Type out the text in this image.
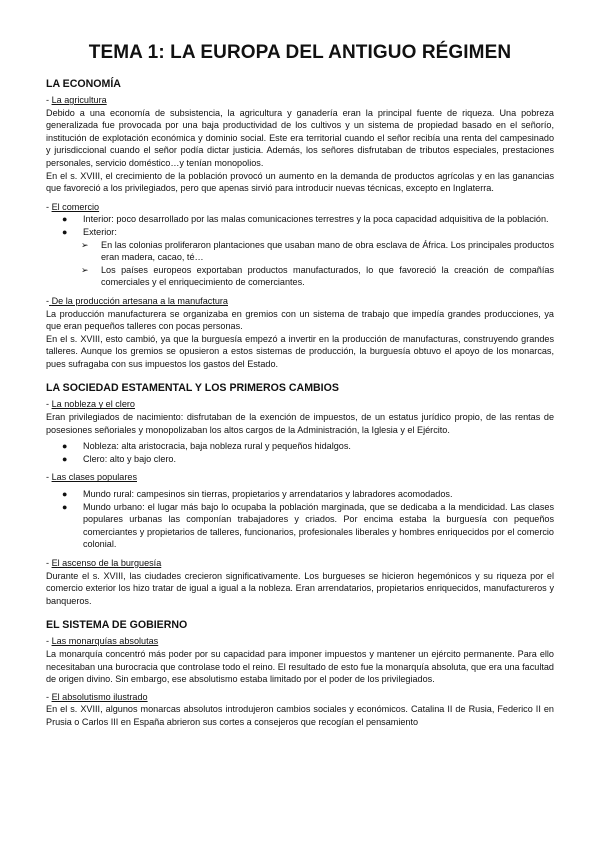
TEMA 1: LA EUROPA DEL ANTIGUO RÉGIMEN
LA ECONOMÍA
- La agricultura

Debido a una economía de subsistencia, la agricultura y ganadería eran la principal fuente de riqueza. Una pobreza generalizada fue provocada por una baja productividad de los cultivos y un sistema de propiedad basado en el señorío, institución de explotación económica y dominio social. Este era territorial cuando el señor recibía una renta del campesinado y jurisdiccional cuando el señor podía dictar justicia. Además, los señores disfrutaban de tributos especiales, prestaciones personales, servicio doméstico…y tenían monopolios.

En el s. XVIII, el crecimiento de la población provocó un aumento en la demanda de productos agrícolas y en las ganancias que favoreció a los privilegiados, pero que apenas sirvió para introducir nuevas técnicas, excepto en Inglaterra.

- El comercio
● Interior: poco desarrollado por las malas comunicaciones terrestres y la poca capacidad adquisitiva de la población.
● Exterior:
➢ En las colonias proliferaron plantaciones que usaban mano de obra esclava de África. Los principales productos eran madera, cacao, té…
➢ Los países europeos exportaban productos manufacturados, lo que favoreció la creación de compañías comerciales y el enriquecimiento de comerciantes.
- De la producción artesana a la manufactura

La producción manufacturera se organizaba en gremios con un sistema de trabajo que impedía grandes producciones, ya que eran pequeños talleres con pocas personas.

En el s. XVIII, esto cambió, ya que la burguesía empezó a invertir en la producción de manufacturas, construyendo grandes talleres. Aunque los gremios se opusieron a estos sistemas de producción, la burguesía obtuvo el apoyo de los monarcas, pues sufragaba con sus impuestos los gastos del Estado.

LA SOCIEDAD ESTAMENTAL Y LOS PRIMEROS CAMBIOS
- La nobleza y el clero

Eran privilegiados de nacimiento: disfrutaban de la exención de impuestos, de un estatus jurídico propio, de las rentas de posesiones señoriales y monopolizaban los altos cargos de la Administración, la Iglesia y el Ejército.

● Nobleza: alta aristocracia, baja nobleza rural y pequeños hidalgos.
● Clero: alto y bajo clero.
- Las clases populares
● Mundo rural: campesinos sin tierras, propietarios y arrendatarios y labradores acomodados.
● Mundo urbano: el lugar más bajo lo ocupaba la población marginada, que se dedicaba a la mendicidad. Las clases populares urbanas las componían trabajadores y criados. Por encima estaba la burguesía con pequeños comerciantes y propietarios de talleres, funcionarios, profesionales liberales y hombres enriquecidos por el comercio colonial.
- El ascenso de la burguesía

Durante el s. XVIII, las ciudades crecieron significativamente. Los burgueses se hicieron hegemónicos y su riqueza por el comercio exterior los hizo tratar de igual a igual a la nobleza. Eran arrendatarios, propietarios enriquecidos, manufactureros y banqueros.

EL SISTEMA DE GOBIERNO
- Las monarquías absolutas

La monarquía concentró más poder por su capacidad para imponer impuestos y mantener un ejército permanente. Para ello necesitaban una burocracia que controlase todo el reino. El resultado de esto fue la monarquía absoluta, que era una facultad de origen divino. Sin embargo, ese absolutismo estaba limitado por el poder de los privilegiados.

- El absolutismo ilustrado

En el s. XVIII, algunos monarcas absolutos introdujeron cambios sociales y económicos. Catalina II de Rusia, Federico II en Prusia o Carlos III en España abrieron sus cortes a consejeros que recogían el pensamiento
